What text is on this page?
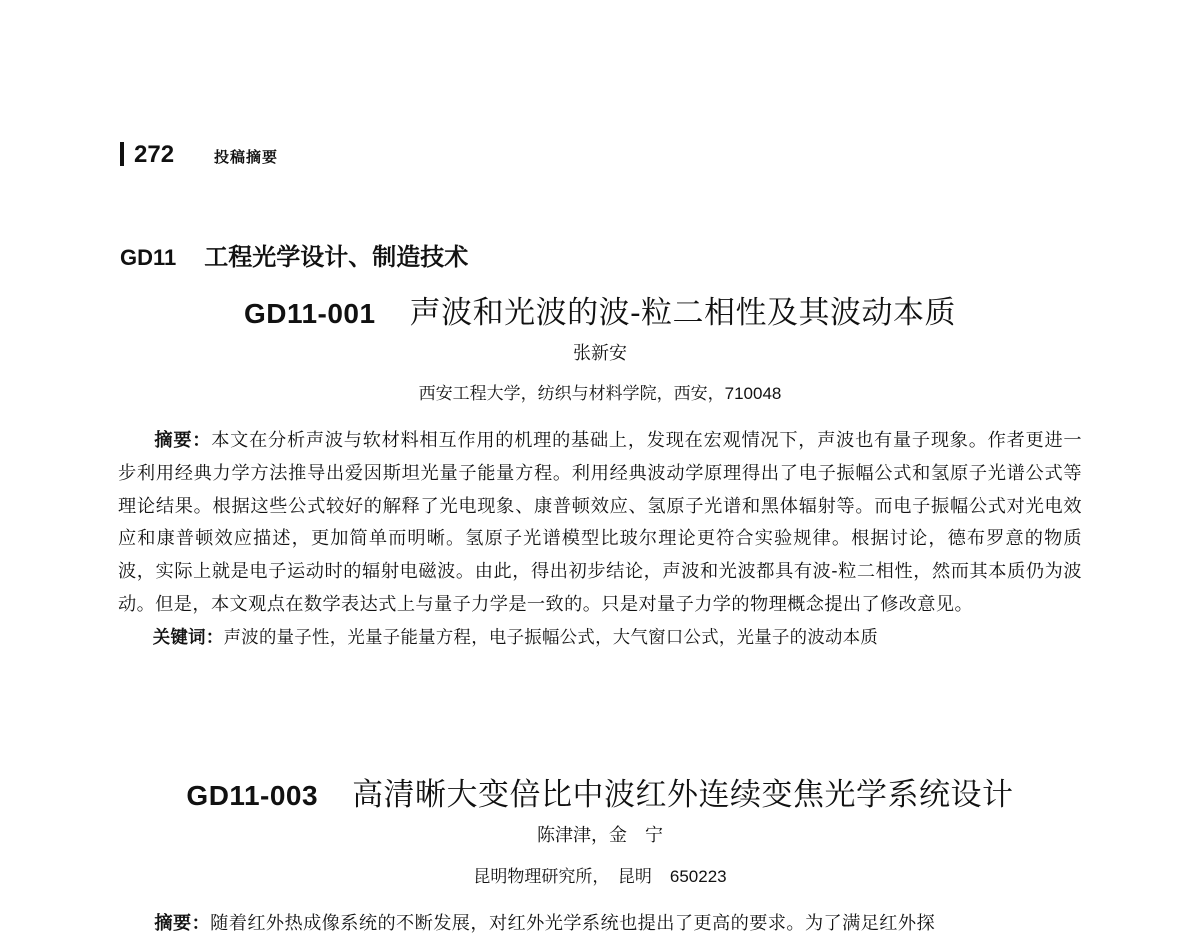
272	投稿摘要
GD11 工程光学设计、制造技术
GD11-001 声波和光波的波-粒二相性及其波动本质
张新安
西安工程大学，纺织与材料学院，西安，710048
摘要：本文在分析声波与软材料相互作用的机理的基础上，发现在宏观情况下，声波也有量子现象。作者更进一步利用经典力学方法推导出爱因斯坦光量子能量方程。利用经典波动学原理得出了电子振幅公式和氢原子光谱公式等理论结果。根据这些公式较好的解释了光电现象、康普顿效应、氢原子光谱和黑体辐射等。而电子振幅公式对光电效应和康普顿效应描述，更加简单而明晰。氢原子光谱模型比玻尔理论更符合实验规律。根据讨论，德布罗意的物质波，实际上就是电子运动时的辐射电磁波。由此，得出初步结论，声波和光波都具有波-粒二相性，然而其本质仍为波动。但是，本文观点在数学表达式上与量子力学是一致的。只是对量子力学的物理概念提出了修改意见。
关键词：声波的量子性，光量子能量方程，电子振幅公式，大气窗口公式，光量子的波动本质
GD11-003 高清晰大变倍比中波红外连续变焦光学系统设计
陈津津，金　宁
昆明物理研究所，　昆明 650223
摘要：随着红外热成像系统的不断发展，对红外光学系统也提出了更高的要求。为了满足红外探
